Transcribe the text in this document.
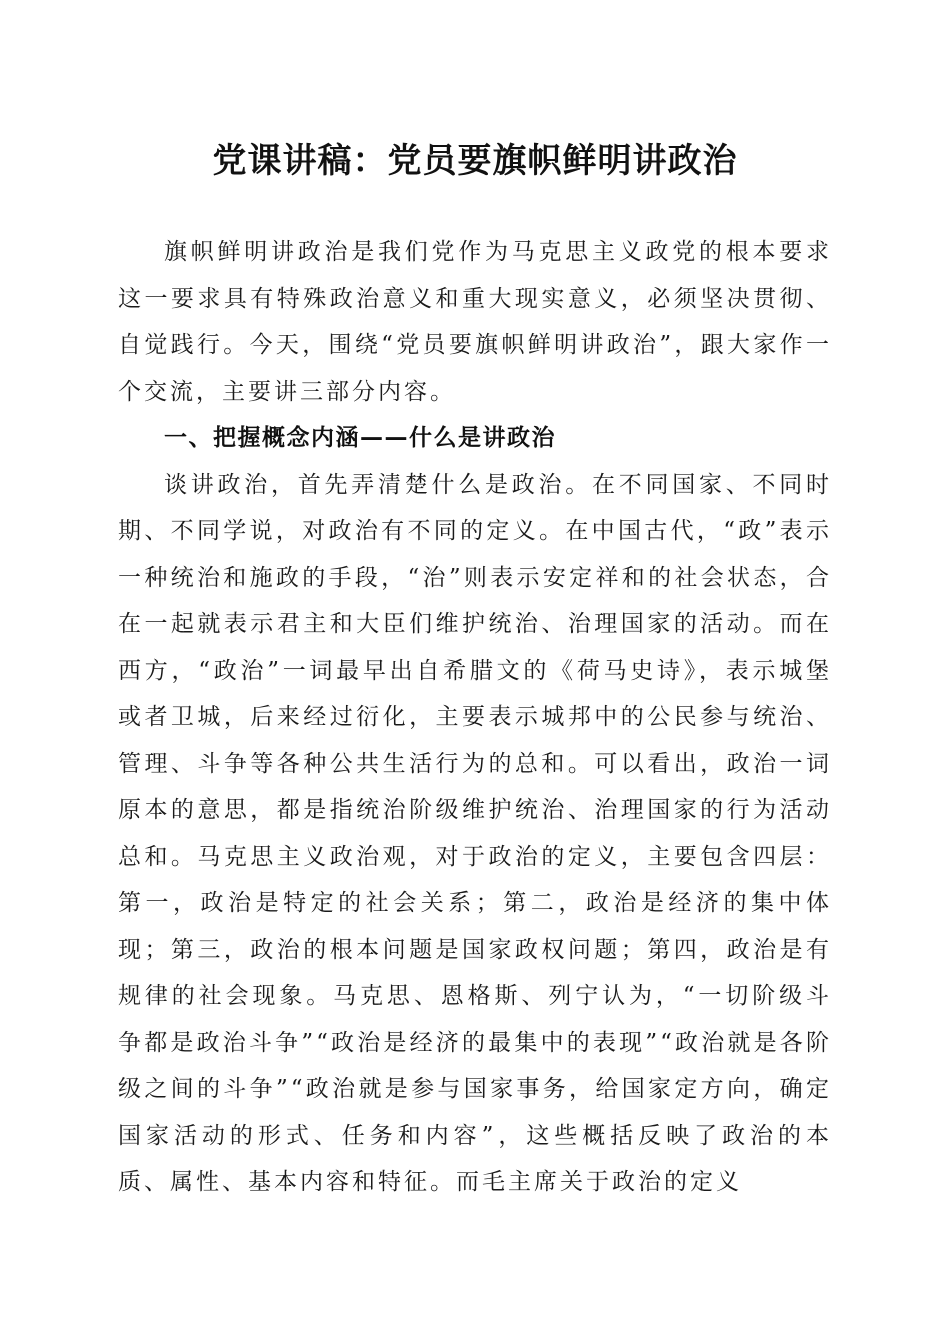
党课讲稿：党员要旗帜鲜明讲政治

旗帜鲜明讲政治是我们党作为马克思主义政党的根本要求这一要求具有特殊政治意义和重大现实意义，必须坚决贯彻、自觉践行。今天，围绕“党员要旗帜鲜明讲政治”，跟大家作一个交流，主要讲三部分内容。

一、把握概念内涵——什么是讲政治

谈讲政治，首先弄清楚什么是政治。在不同国家、不同时期、不同学说，对政治有不同的定义。在中国古代，“政”表示一种统治和施政的手段，“治”则表示安定祥和的社会状态，合在一起就表示君主和大臣们维护统治、治理国家的活动。而在西方，“政治”一词最早出自希腊文的《荷马史诗》，表示城堡或者卫城，后来经过衍化，主要表示城邦中的公民参与统治、管理、斗争等各种公共生活行为的总和。可以看出，政治一词原本的意思，都是指统治阶级维护统治、治理国家的行为活动总和。马克思主义政治观，对于政治的定义，主要包含四层：第一，政治是特定的社会关系；第二，政治是经济的集中体现；第三，政治的根本问题是国家政权问题；第四，政治是有规律的社会现象。马克思、恩格斯、列宁认为，“一切阶级斗争都是政治斗争”“政治是经济的最集中的表现”“政治就是各阶级之间的斗争”“政治就是参与国家事务，给国家定方向，确定国家活动的形式、任务和内容”，这些概括反映了政治的本质、属性、基本内容和特征。而毛主席关于政治的定义
